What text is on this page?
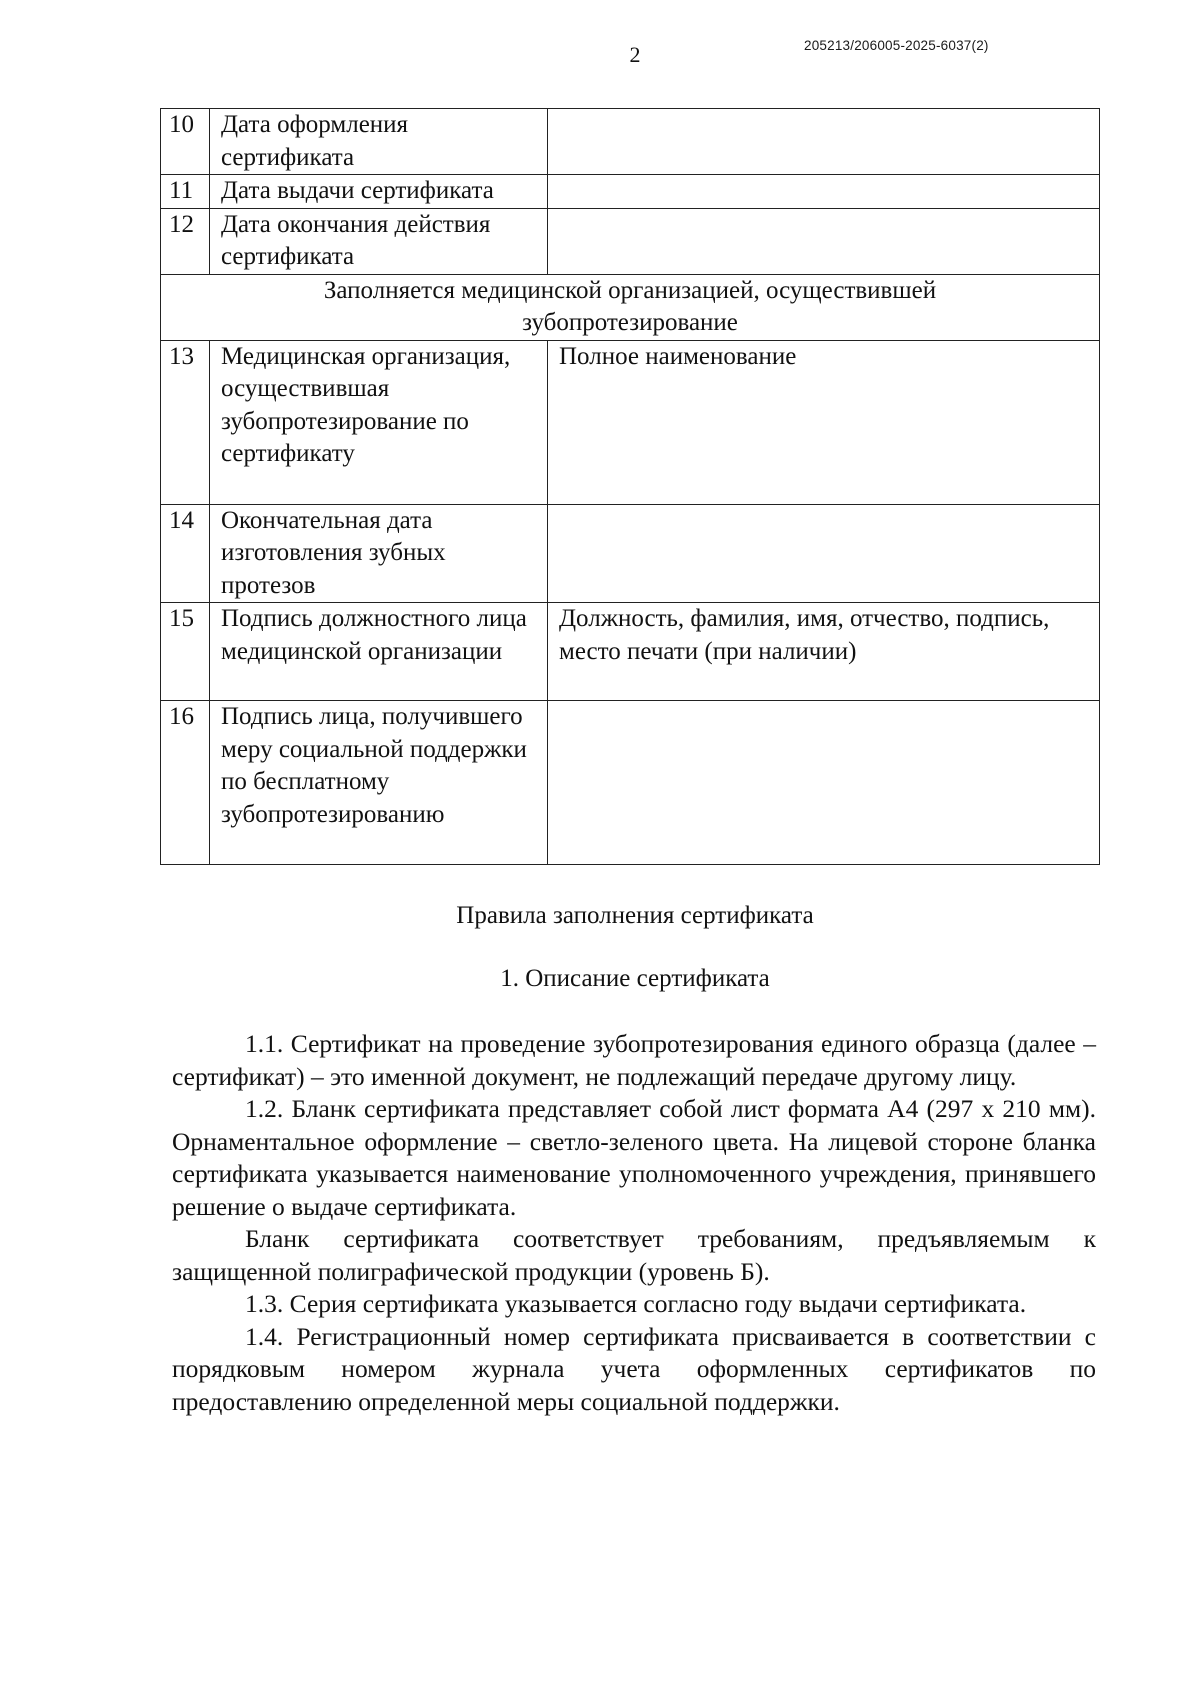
2	205213/206005-2025-6037(2)
10	Дата оформления сертификата	
11	Дата выдачи сертификата	
12	Дата окончания действия сертификата	
Заполняется медицинской организацией, осуществившей зубопротезирование		
13	Медицинская организация, осуществившая зубопротезирование по сертификату	Полное наименование
14	Окончательная дата изготовления зубных протезов	
15	Подпись должностного лица медицинской организации	Должность, фамилия, имя, отчество, подпись, место печати (при наличии)
16	Подпись лица, получившего меру социальной поддержки по бесплатному зубопротезированию	
Правила заполнения сертификата
1. Описание сертификата

1.1. Сертификат на проведение зубопротезирования единого образца (далее – сертификат) – это именной документ, не подлежащий передаче другому лицу.

1.2. Бланк сертификата представляет собой лист формата А4 (297 х 210 мм). Орнаментальное оформление – светло-зеленого цвета. На лицевой стороне бланка сертификата указывается наименование уполномоченного учреждения, принявшего решение о выдаче сертификата.

Бланк сертификата соответствует требованиям, предъявляемым к защищенной полиграфической продукции (уровень Б).

1.3. Серия сертификата указывается согласно году выдачи сертификата.

1.4. Регистрационный номер сертификата присваивается в соответствии с порядковым номером журнала учета оформленных сертификатов по предоставлению определенной меры социальной поддержки.
